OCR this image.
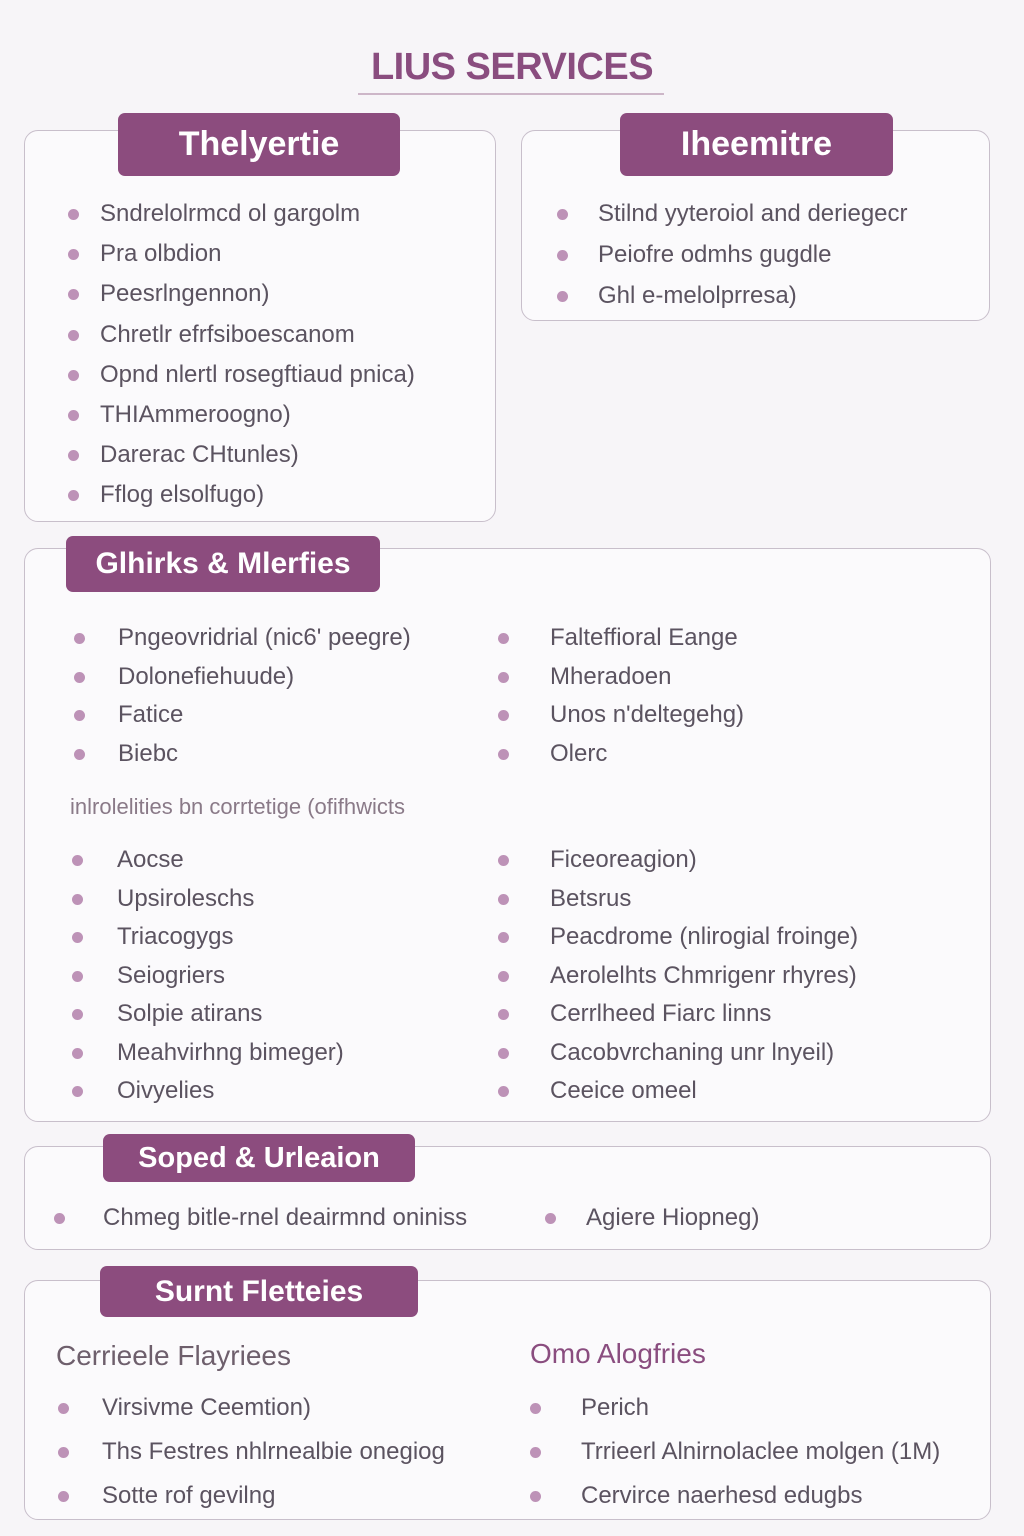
LIUS SERVICES
Thelyertie
Sndrelolrmcd ol gargolm
Pra olbdion
Peesrlngennon)
Chretlr efrfsiboescanom
Opnd nlertl rosegftiaud pnica)
THIAmmeroogno)
Darerac CHtunles)
Fflog elsolfugo)
Iheemitre
Stilnd yyteroiol and deriegecr
Peiofre odmhs gugdle
Ghl e-melolprresa)
Glhirks & Mlerfies
Pngeovridrial (nic6' peegre)
Dolonefiehuude)
Fatice
Biebc
Falteffioral Eange
Mheradoen
Unos n'deltegehg)
Olerc
inlrolelities bn corrtetige (ofifhwicts
Aocse
Upsiroleschs
Triacogygs
Seiogriers
Solpie atirans
Meahvirhng bimeger)
Oivyelies
Ficeoreagion)
Betsrus
Peacdrome (nlirogial froinge)
Aerolelhts Chmrigenr rhyres)
Cerrlheed Fiarc linns
Cacobvrchaning unr lnyeil)
Ceeice omeel
Soped & Urleaion
Chmeg bitle-rnel deairmnd oniniss	Agiere Hiopneg)
Surnt Fletteies
Cerrieele Flayriees	Omo Alogfries
Virsivme Ceemtion)
Ths Festres nhlrnealbie onegiog
Sotte rof gevilng
Perich
Trrieerl Alnirnolaclee molgen (1M)
Cervirce naerhesd edugbs
